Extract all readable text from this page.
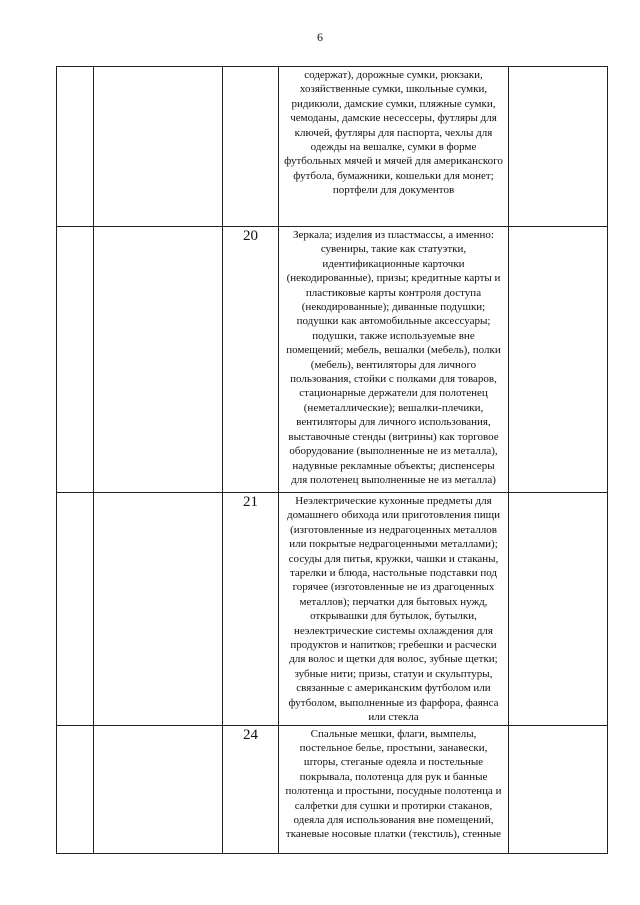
6

			содержат), дорожные сумки, рюкзаки, хозяйственные сумки, школьные сумки, ридикюли, дамские сумки, пляжные сумки, чемоданы, дамские несессеры, футляры для ключей, футляры для паспорта, чехлы для одежды на вешалке, сумки в форме футбольных мячей и мячей для американского футбола, бумажники, кошельки для монет; портфели для документов	

		20	Зеркала; изделия из пластмассы, а именно: сувениры, такие как статуэтки, идентификационные карточки (некодированные), призы; кредитные карты и пластиковые карты контроля доступа (некодированные); диванные подушки; подушки как автомобильные аксессуары; подушки, также используемые вне помещений; мебель, вешалки (мебель), полки (мебель), вентиляторы для личного пользования, стойки с полками для товаров, стационарные держатели для полотенец (неметаллические); вешалки-плечики, вентиляторы для личного использования, выставочные стенды (витрины) как торговое оборудование (выполненные не из металла), надувные рекламные объекты; диспенсеры для полотенец выполненные не из металла)	

		21	Неэлектрические кухонные предметы для домашнего обихода или приготовления пищи (изготовленные из недрагоценных металлов или покрытые недрагоценными металлами); сосуды для питья, кружки, чашки и стаканы, тарелки и блюда, настольные подставки под горячее (изготовленные не из драгоценных металлов); перчатки для бытовых нужд, открывашки для бутылок, бутылки, неэлектрические системы охлаждения для продуктов и напитков; гребешки и расчески для волос и щетки для волос, зубные щетки; зубные нити; призы, статуи и скульптуры, связанные с американским футболом или футболом, выполненные из фарфора, фаянса или стекла	

		24	Спальные мешки, флаги, вымпелы, постельное белье, простыни, занавески, шторы, стеганые одеяла и постельные покрывала, полотенца для рук и банные полотенца и простыни, посудные полотенца и салфетки для сушки и протирки стаканов, одеяла для использования вне помещений, тканевые носовые платки (текстиль), стенные	
